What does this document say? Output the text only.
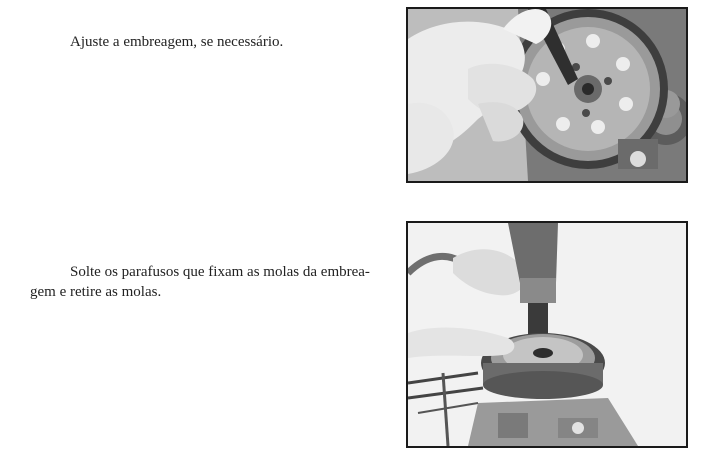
Ajuste a embreagem, se necessário.
Solte os parafusos que fixam as molas da embrea-
gem e retire as molas.
